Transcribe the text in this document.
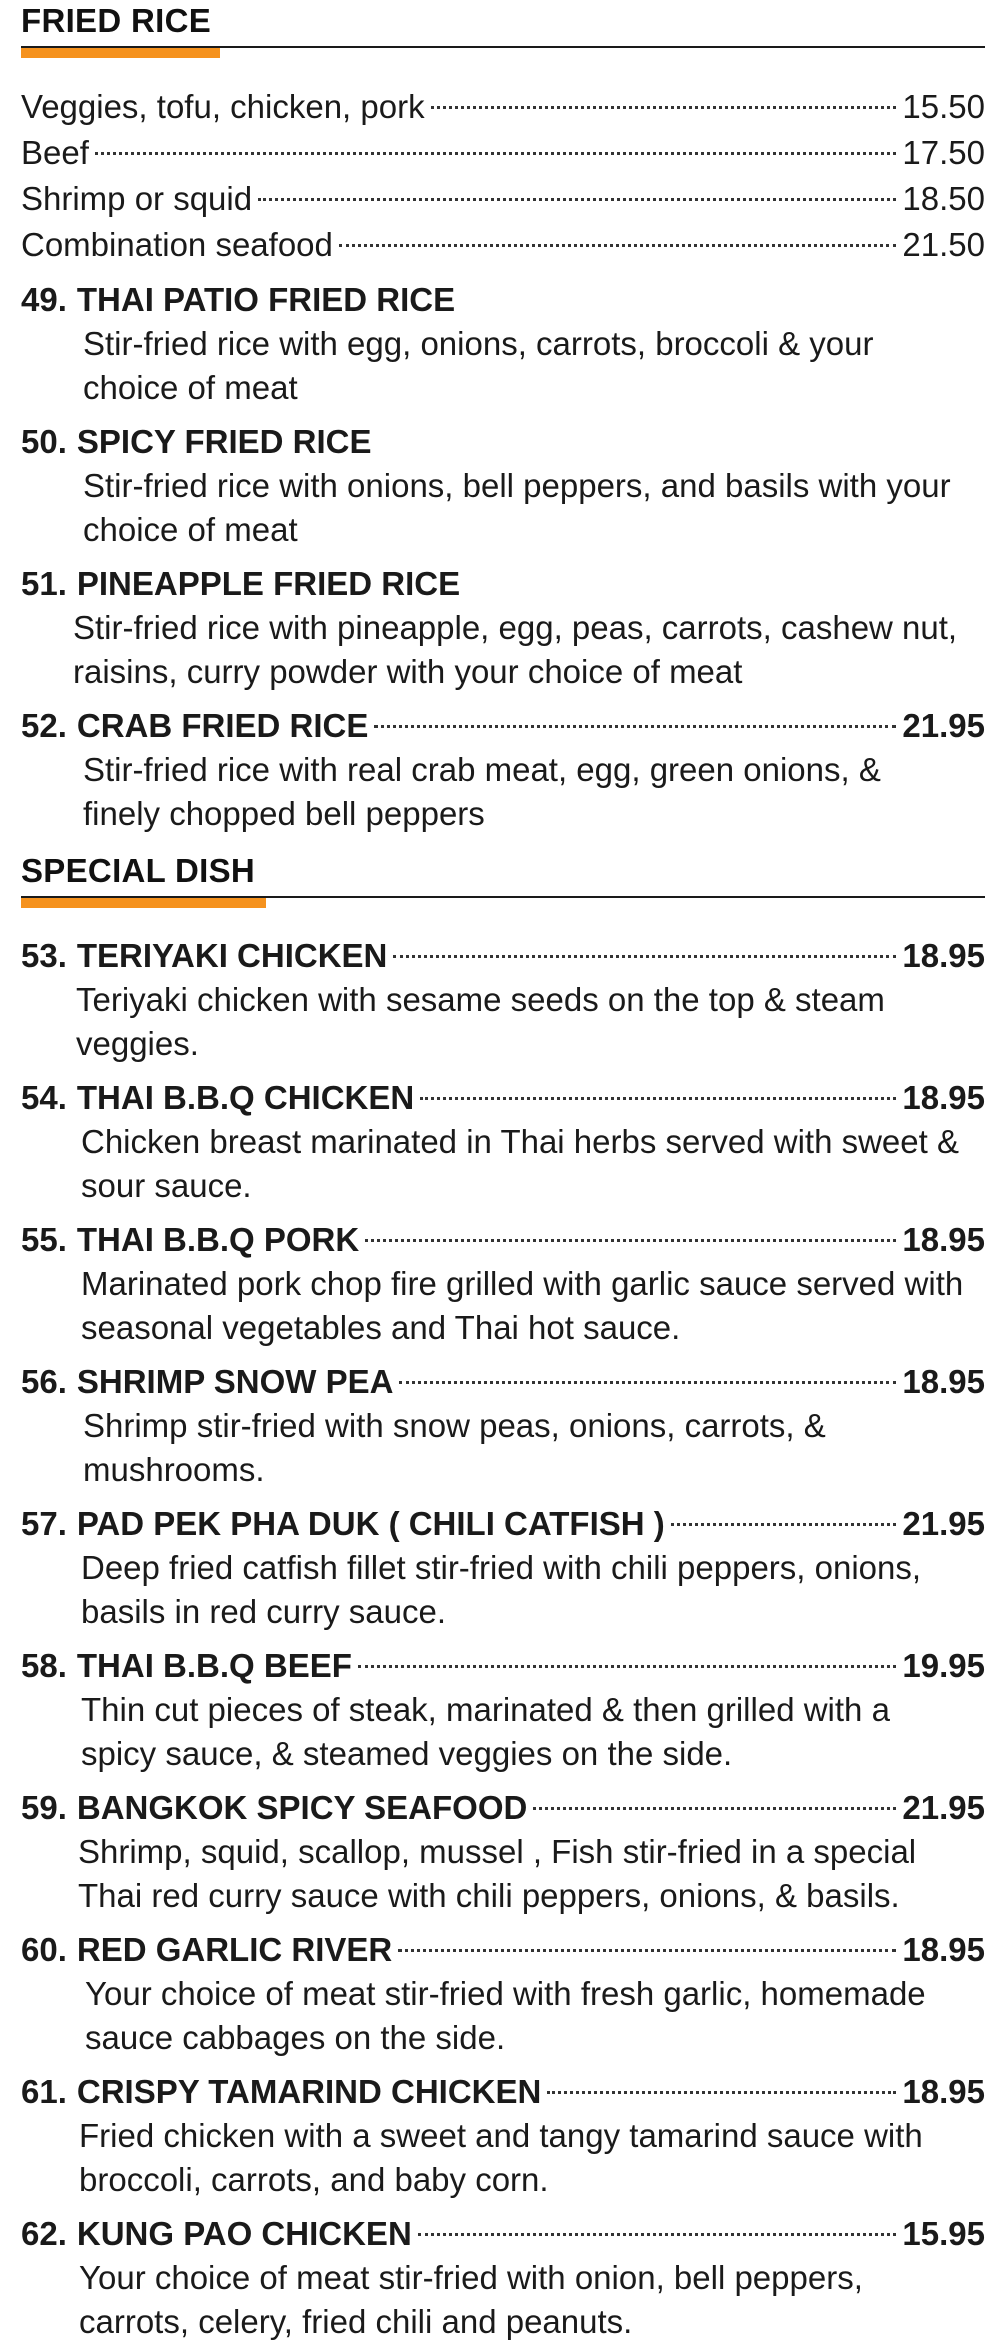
FRIED RICE
Veggies, tofu, chicken, pork	15.50
Beef	17.50
Shrimp or squid	18.50
Combination seafood	21.50
49. THAI PATIO FRIED RICE
Stir-fried rice with egg, onions, carrots, broccoli & your choice of meat
50. SPICY FRIED RICE
Stir-fried rice with onions, bell peppers, and basils with your choice of meat
51. PINEAPPLE FRIED RICE
Stir-fried rice with pineapple, egg, peas, carrots, cashew nut, raisins, curry powder with your choice of meat
52. CRAB FRIED RICE	21.95
Stir-fried rice with real crab meat, egg, green onions, & finely chopped bell peppers
SPECIAL DISH
53. TERIYAKI CHICKEN	18.95
Teriyaki chicken with sesame seeds on the top & steam veggies.
54. THAI B.B.Q CHICKEN	18.95
Chicken breast marinated in Thai herbs served with sweet & sour sauce.
55. THAI B.B.Q PORK	18.95
Marinated pork chop fire grilled with garlic sauce served with seasonal vegetables and Thai hot sauce.
56. SHRIMP SNOW PEA	18.95
Shrimp stir-fried with snow peas, onions, carrots, & mushrooms.
57. PAD PEK PHA DUK ( CHILI CATFISH )	21.95
Deep fried catfish fillet stir-fried with chili peppers, onions, basils in red curry sauce.
58. THAI B.B.Q BEEF	19.95
Thin cut pieces of steak, marinated & then grilled with a spicy sauce, & steamed veggies on the side.
59. BANGKOK SPICY SEAFOOD	21.95
Shrimp, squid, scallop, mussel , Fish stir-fried in a special Thai red curry sauce with chili peppers, onions, & basils.
60. RED GARLIC RIVER	18.95
Your choice of meat stir-fried with fresh garlic, homemade sauce cabbages on the side.
61. CRISPY TAMARIND CHICKEN	18.95
Fried chicken with a sweet and tangy tamarind sauce with broccoli, carrots, and baby corn.
62. KUNG PAO CHICKEN	15.95
Your choice of meat stir-fried with onion, bell peppers, carrots, celery, fried chili and peanuts.
